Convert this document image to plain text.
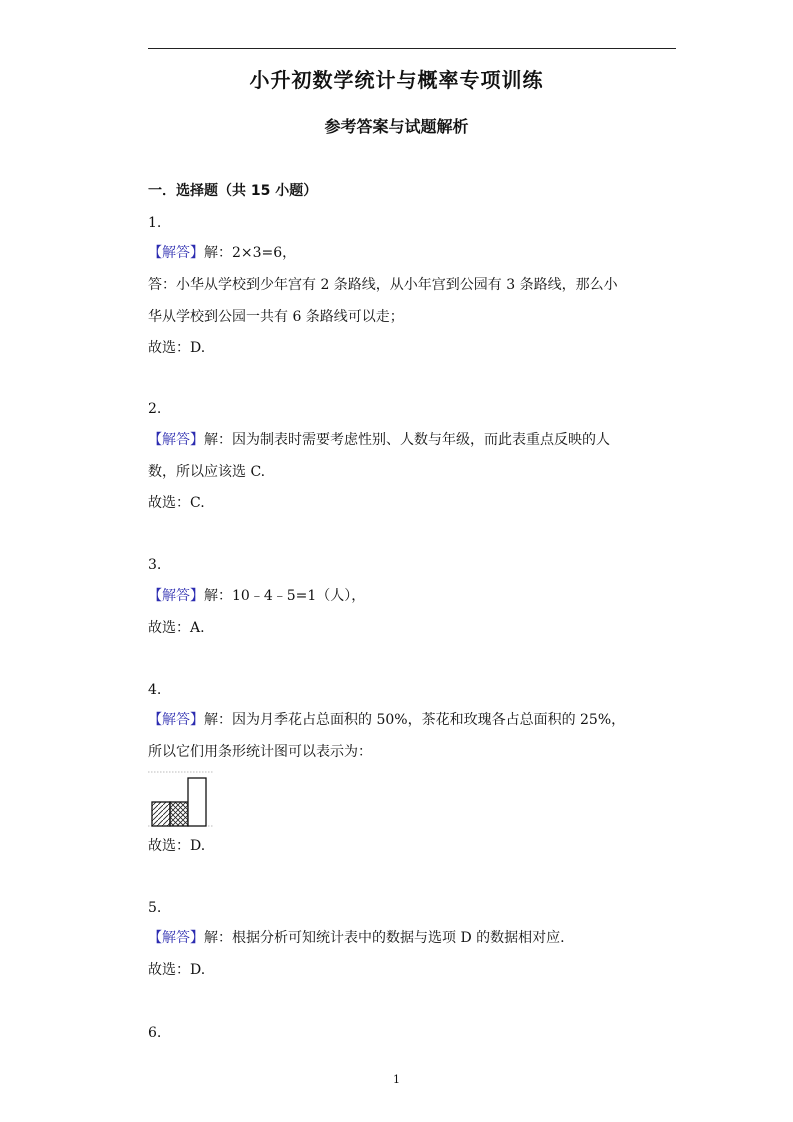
小升初数学统计与概率专项训练
参考答案与试题解析
一．选择题（共 15 小题）
1.
【解答】解：2×3=6，
答：小华从学校到少年宫有 2 条路线，从小年宫到公园有 3 条路线，那么小
华从学校到公园一共有 6 条路线可以走；
故选：D.
2.
【解答】解：因为制表时需要考虑性别、人数与年级，而此表重点反映的人
数，所以应该选 C.
故选：C.
3.
【解答】解：10﹣4﹣5=1（人），
故选：A.
4.
【解答】解：因为月季花占总面积的 50%，茶花和玫瑰各占总面积的 25%，
所以它们用条形统计图可以表示为：
故选：D.
5.
【解答】解：根据分析可知统计表中的数据与选项 D 的数据相对应.
故选：D.
6.
1
